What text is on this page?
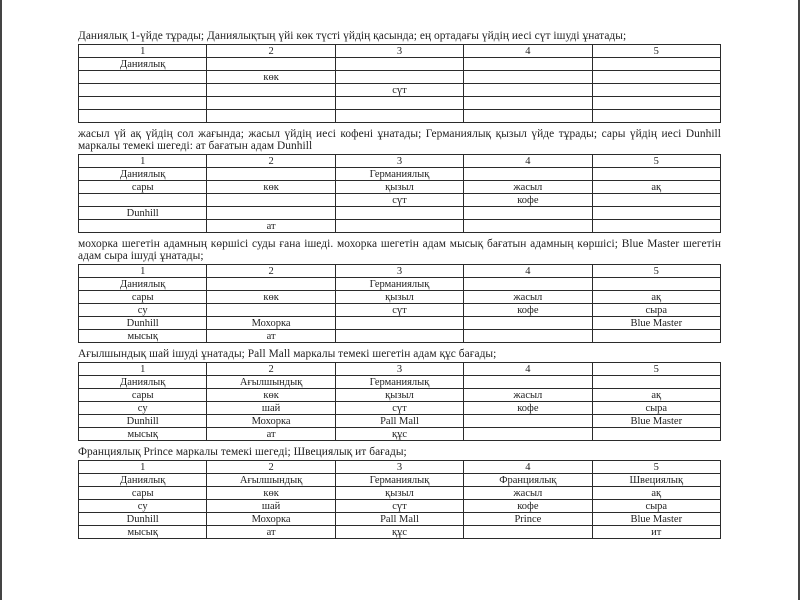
Даниялық 1-үйде тұрады; Даниялықтың үйі көк түсті үйдің қасында; ең ортадағы үйдің иесі сүт ішуді ұнатады;

1	2	3	4	5
Даниялық				
	көк			
		сүт		

жасыл үй ақ үйдің сол жағында; жасыл үйдің иесі кофені ұнатады; Германиялық қызыл үйде тұрады; сары үйдің иесі Dunhill маркалы темекі шегеді: ат бағатын адам Dunhill

1	2	3	4	5
Даниялық		Германиялық		
сары	көк	қызыл	жасыл	ақ
		сүт	кофе	
Dunhill				
	ат			

мохорка шегетін адамның көршісі суды ғана ішеді. мохорка шегетін адам мысық бағатын адамның көршісі; Blue Master шегетін адам сыра ішуді ұнатады;

1	2	3	4	5
Даниялық		Германиялық		
сары	көк	қызыл	жасыл	ақ
су		сүт	кофе	сыра
Dunhill	Мохорка			Blue Master
мысық	ат			

Ағылшындық шай ішуді ұнатады; Pall Mall маркалы темекі шегетін адам құс бағады;

1	2	3	4	5
Даниялық	Ағылшындық	Германиялық		
сары	көк	қызыл	жасыл	ақ
су	шай	сүт	кофе	сыра
Dunhill	Мохорка	Pall Mall		Blue Master
мысық	ат	құс		

Франциялық Prince маркалы темекі шегеді; Швециялық ит бағады;

1	2	3	4	5
Даниялық	Ағылшындық	Германиялық	Франциялық	Швециялық
сары	көк	қызыл	жасыл	ақ
су	шай	сүт	кофе	сыра
Dunhill	Мохорка	Pall Mall	Prince	Blue Master
мысық	ат	құс		ит
